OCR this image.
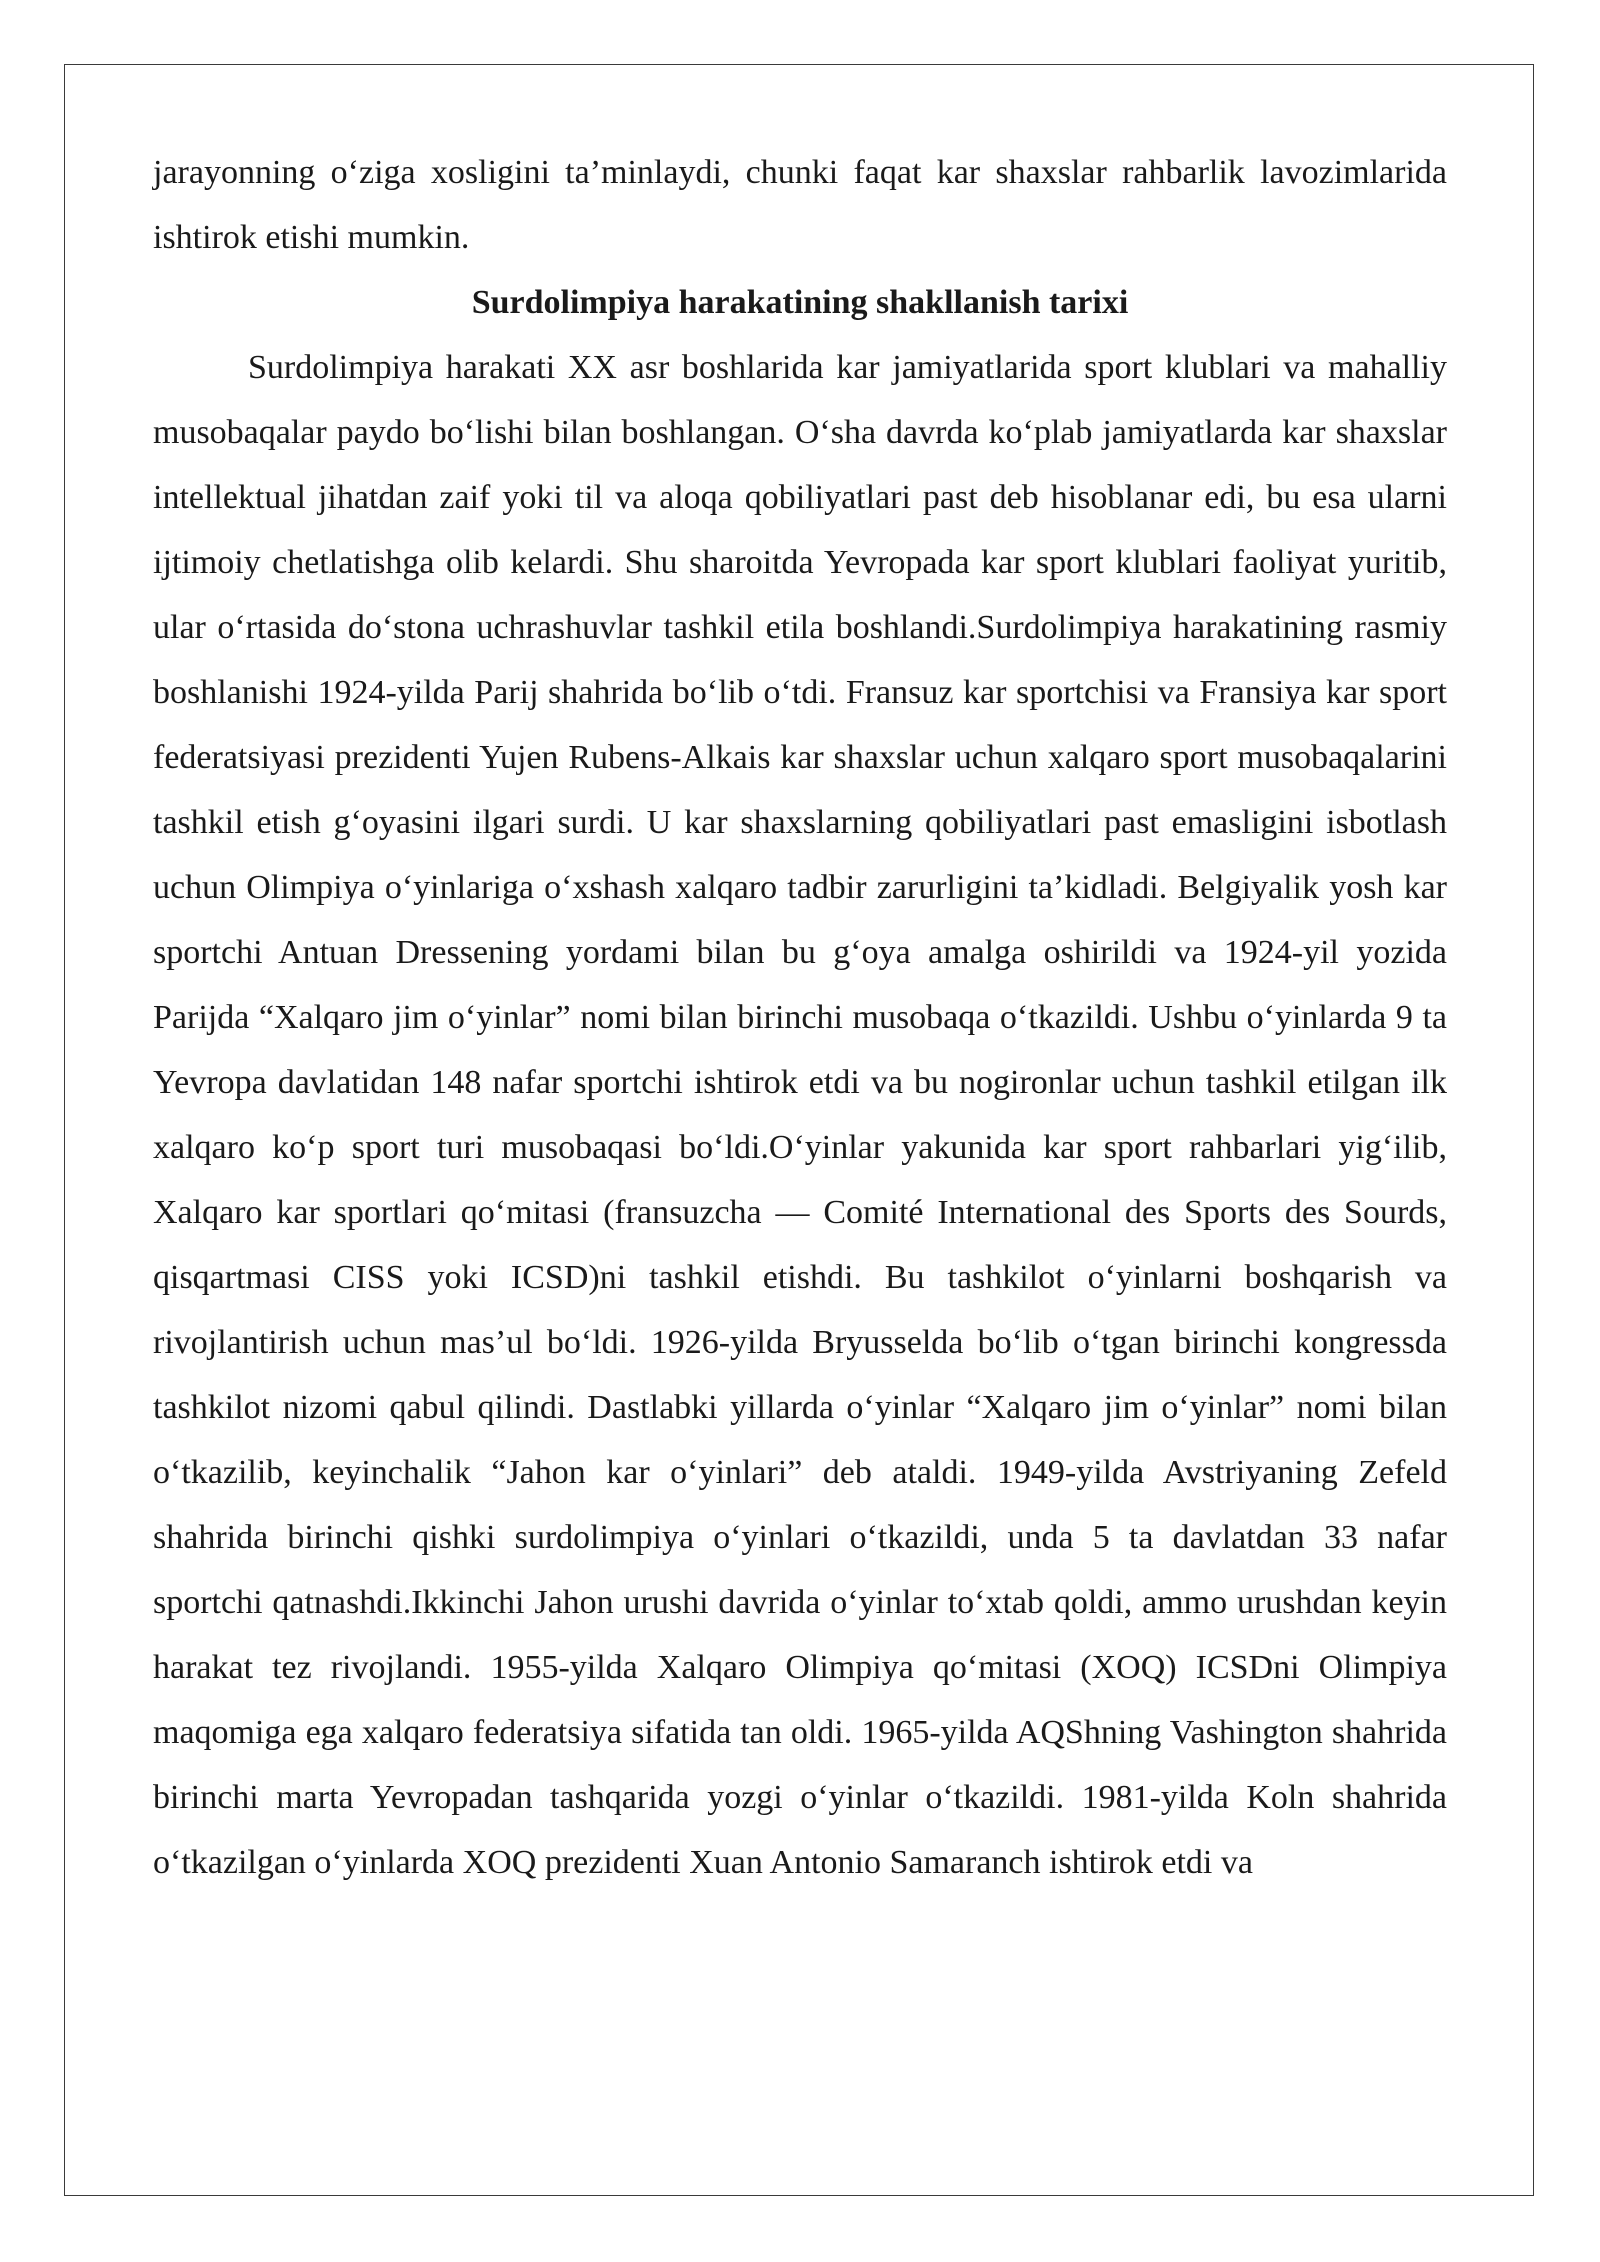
jarayonning o‘ziga xosligini ta’minlaydi, chunki faqat kar shaxslar rahbarlik lavozimlarida ishtirok etishi mumkin.

Surdolimpiya harakatining shakllanish tarixi

Surdolimpiya harakati XX asr boshlarida kar jamiyatlarida sport klublari va mahalliy musobaqalar paydo bo‘lishi bilan boshlangan. O‘sha davrda ko‘plab jamiyatlarda kar shaxslar intellektual jihatdan zaif yoki til va aloqa qobiliyatlari past deb hisoblanar edi, bu esa ularni ijtimoiy chetlatishga olib kelardi. Shu sharoitda Yevropada kar sport klublari faoliyat yuritib, ular o‘rtasida do‘stona uchrashuvlar tashkil etila boshlandi.Surdolimpiya harakatining rasmiy boshlanishi 1924-yilda Parij shahrida bo‘lib o‘tdi. Fransuz kar sportchisi va Fransiya kar sport federatsiyasi prezidenti Yujen Rubens-Alkais kar shaxslar uchun xalqaro sport musobaqalarini tashkil etish g‘oyasini ilgari surdi. U kar shaxslarning qobiliyatlari past emasligini isbotlash uchun Olimpiya o‘yinlariga o‘xshash xalqaro tadbir zarurligini ta’kidladi. Belgiyalik yosh kar sportchi Antuan Dressening yordami bilan bu g‘oya amalga oshirildi va 1924-yil yozida Parijda “Xalqaro jim o‘yinlar” nomi bilan birinchi musobaqa o‘tkazildi. Ushbu o‘yinlarda 9 ta Yevropa davlatidan 148 nafar sportchi ishtirok etdi va bu nogironlar uchun tashkil etilgan ilk xalqaro ko‘p sport turi musobaqasi bo‘ldi.O‘yinlar yakunida kar sport rahbarlari yig‘ilib, Xalqaro kar sportlari qo‘mitasi (fransuzcha — Comité International des Sports des Sourds, qisqartmasi CISS yoki ICSD)ni tashkil etishdi. Bu tashkilot o‘yinlarni boshqarish va rivojlantirish uchun mas’ul bo‘ldi. 1926-yilda Bryusselda bo‘lib o‘tgan birinchi kongressda tashkilot nizomi qabul qilindi. Dastlabki yillarda o‘yinlar “Xalqaro jim o‘yinlar” nomi bilan o‘tkazilib, keyinchalik “Jahon kar o‘yinlari” deb ataldi. 1949-yilda Avstriyaning Zefeld shahrida birinchi qishki surdolimpiya o‘yinlari o‘tkazildi, unda 5 ta davlatdan 33 nafar sportchi qatnashdi.Ikkinchi Jahon urushi davrida o‘yinlar to‘xtab qoldi, ammo urushdan keyin harakat tez rivojlandi. 1955-yilda Xalqaro Olimpiya qo‘mitasi (XOQ) ICSDni Olimpiya maqomiga ega xalqaro federatsiya sifatida tan oldi. 1965-yilda AQShning Vashington shahrida birinchi marta Yevropadan tashqarida yozgi o‘yinlar o‘tkazildi. 1981-yilda Koln shahrida o‘tkazilgan o‘yinlarda XOQ prezidenti Xuan Antonio Samaranch ishtirok etdi va
